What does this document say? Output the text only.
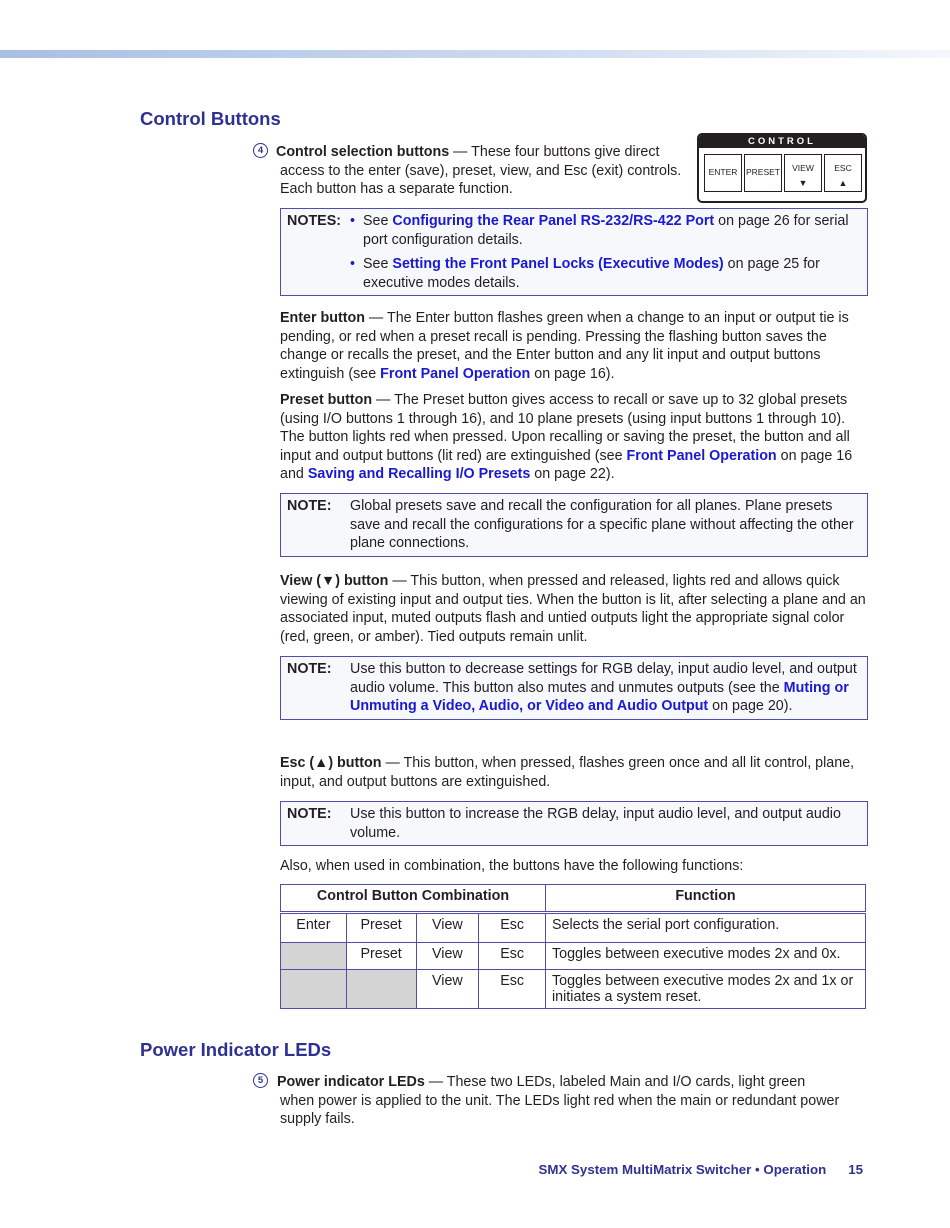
Control Buttons
4 Control selection buttons — These four buttons give direct access to the enter (save), preset, view, and Esc (exit) controls. Each button has a separate function.

CONTROL
ENTER	PRESET	VIEW
▼
ESC
▲
NOTES: • See Configuring the Rear Panel RS-232/RS-422 Port on page 26 for serial port configuration details.
• See Setting the Front Panel Locks (Executive Modes) on page 25 for executive modes details.

Enter button — The Enter button flashes green when a change to an input or output tie is pending, or red when a preset recall is pending. Pressing the flashing button saves the change or recalls the preset, and the Enter button and any lit input and output buttons extinguish (see Front Panel Operation on page 16).

Preset button — The Preset button gives access to recall or save up to 32 global presets (using I/O buttons 1 through 16), and 10 plane presets (using input buttons 1 through 10). The button lights red when pressed. Upon recalling or saving the preset, the button and all input and output buttons (lit red) are extinguished (see Front Panel Operation on page 16 and Saving and Recalling I/O Presets on page 22).

NOTE:	Global presets save and recall the configuration for all planes. Plane presets save and recall the configurations for a specific plane without affecting the other plane connections.

View (▼) button — This button, when pressed and released, lights red and allows quick viewing of existing input and output ties. When the button is lit, after selecting a plane and an associated input, muted outputs flash and untied outputs light the appropriate signal color (red, green, or amber). Tied outputs remain unlit.

NOTE:	Use this button to decrease settings for RGB delay, input audio level, and output audio volume. This button also mutes and unmutes outputs (see the Muting or Unmuting a Video, Audio, or Video and Audio Output on page 20).

Esc (▲) button — This button, when pressed, flashes green once and all lit control, plane, input, and output buttons are extinguished.

NOTE:	Use this button to increase the RGB delay, input audio level, and output audio volume.

Also, when used in combination, the buttons have the following functions:

Control Button Combination				Function
Enter	Preset	View	Esc	Selects the serial port configuration.
	Preset	View	Esc	Toggles between executive modes 2x and 0x.
		View	Esc	Toggles between executive modes 2x and 1x or initiates a system reset.
Power Indicator LEDs
5 Power indicator LEDs — These two LEDs, labeled Main and I/O cards, light green when power is applied to the unit. The LEDs light red when the main or redundant power supply fails.

SMX System MultiMatrix Switcher • Operation 15
